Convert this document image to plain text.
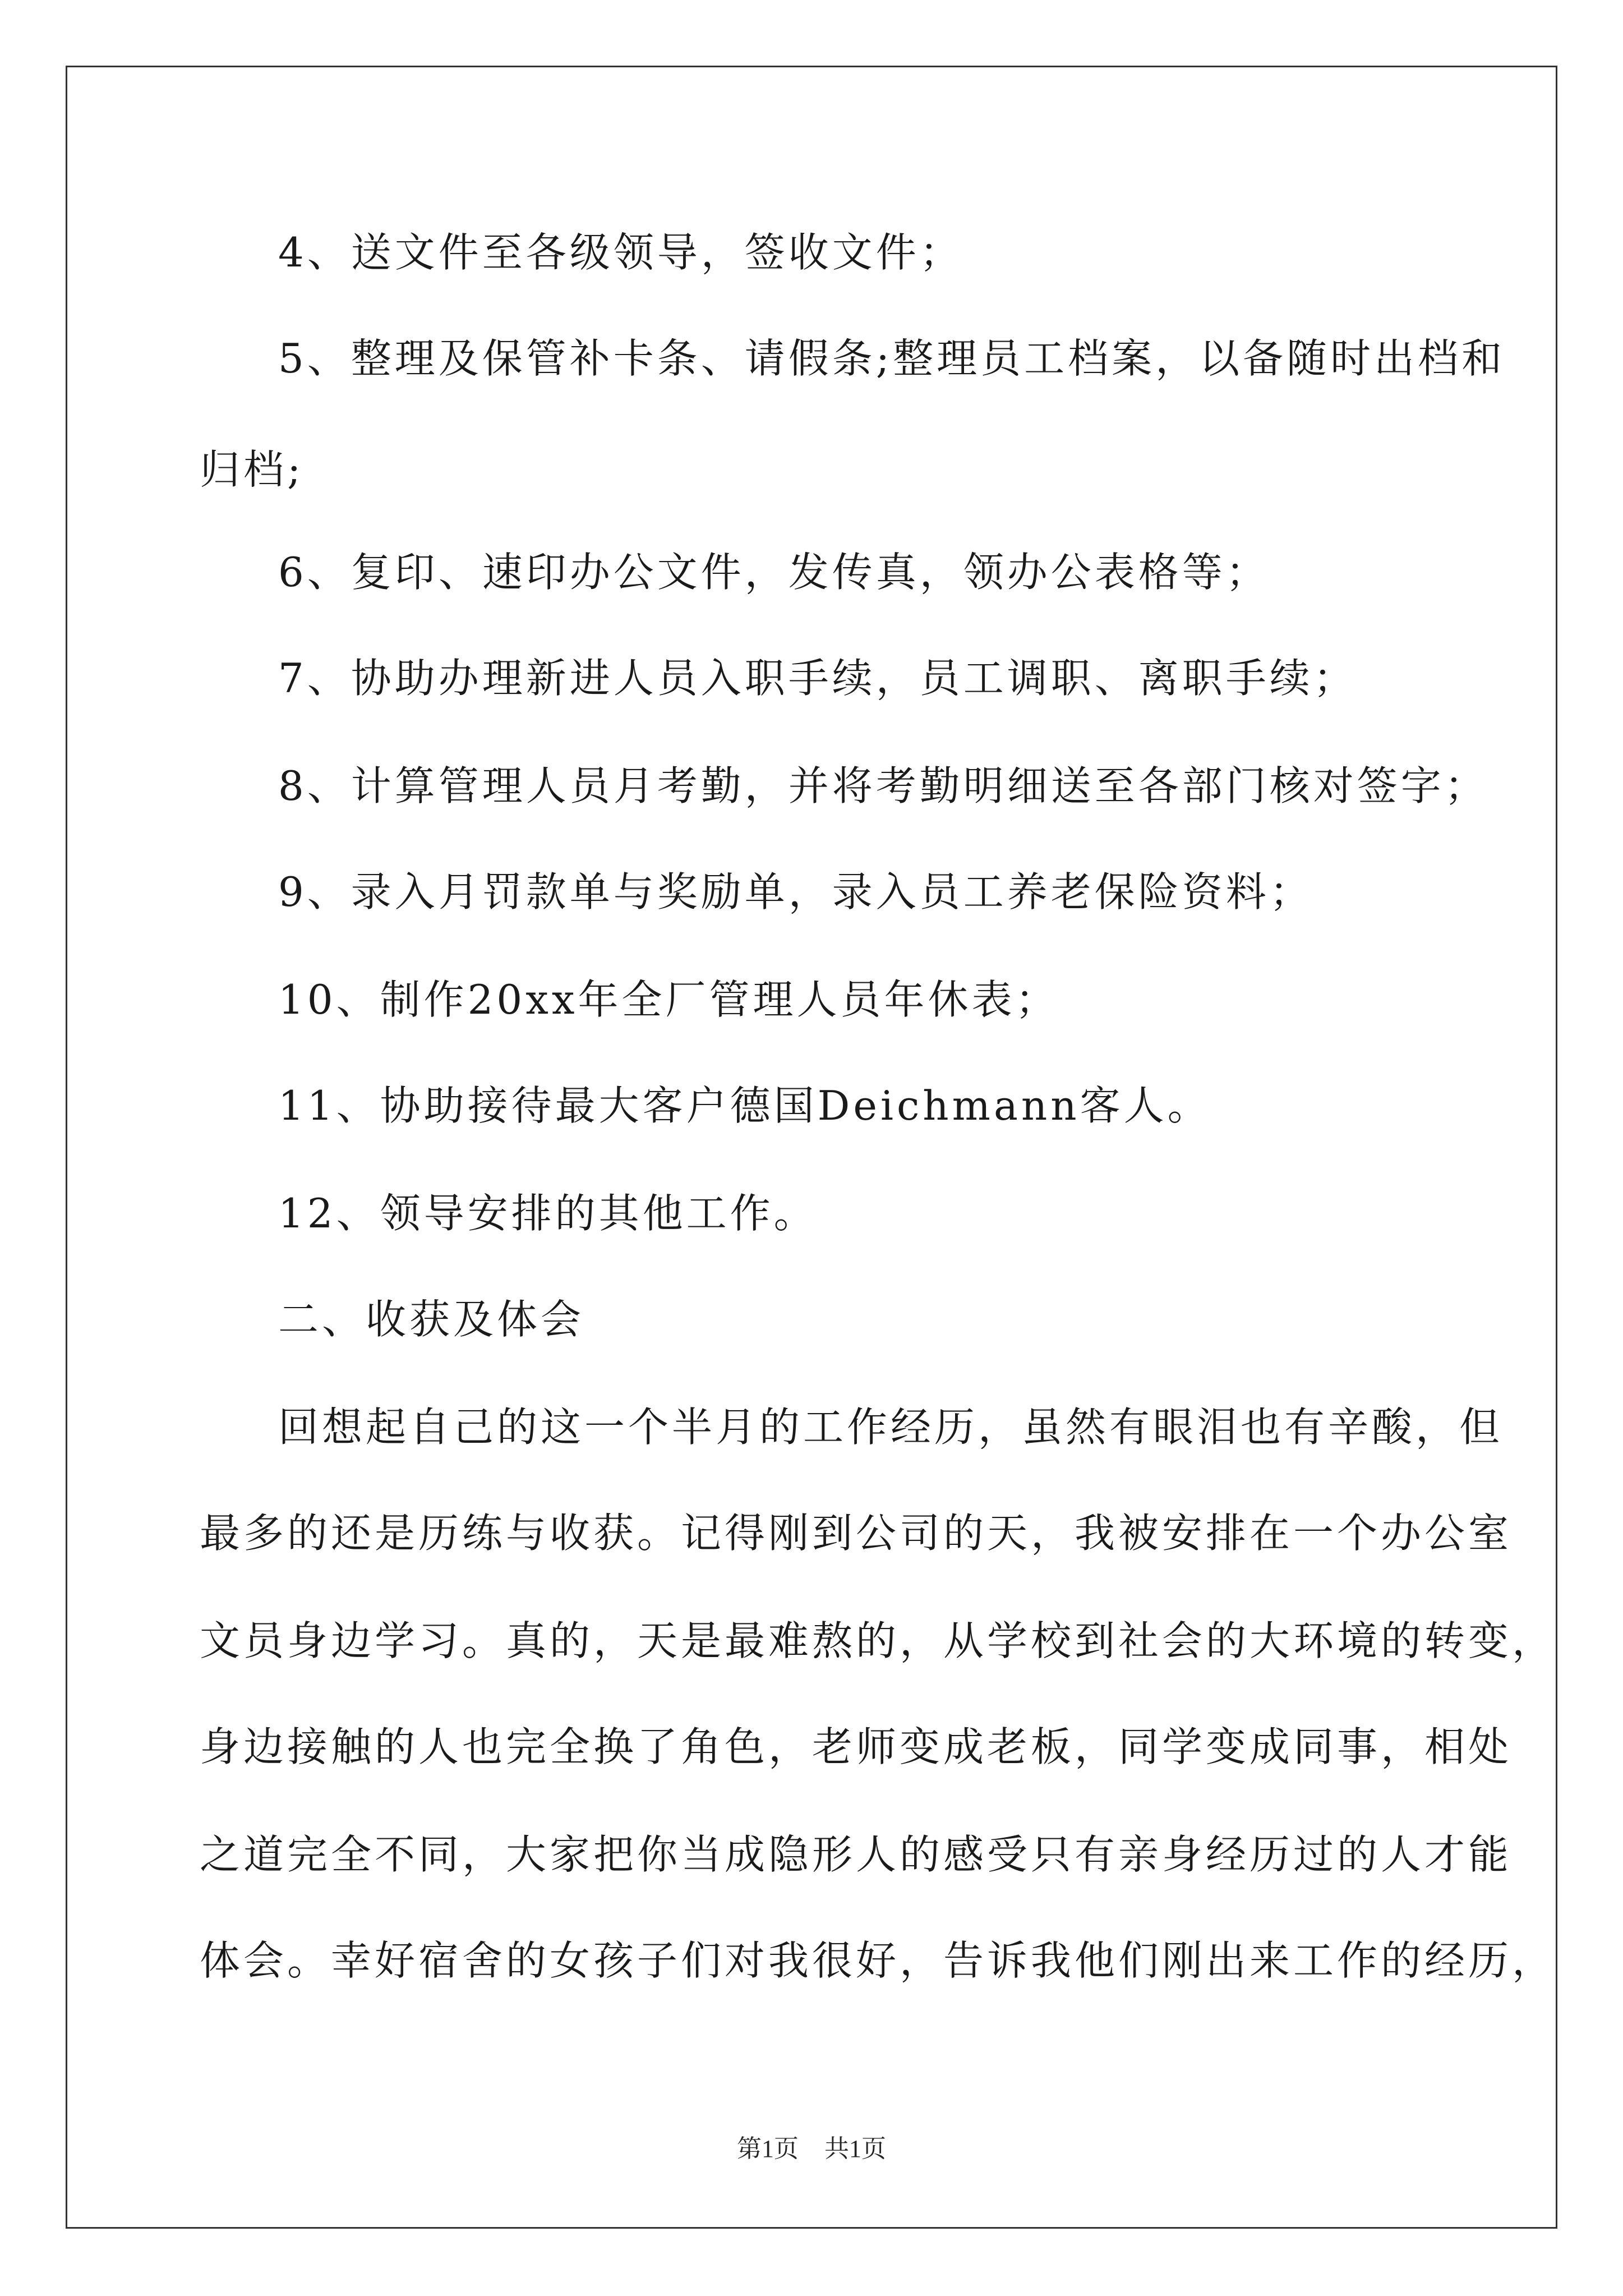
4、送文件至各级领导，签收文件；
5、整理及保管补卡条、请假条;整理员工档案，以备随时出档和
归档;
6、复印、速印办公文件，发传真，领办公表格等；
7、协助办理新进人员入职手续，员工调职、离职手续；
8、计算管理人员月考勤，并将考勤明细送至各部门核对签字；
9、录入月罚款单与奖励单，录入员工养老保险资料；
10、制作20xx年全厂管理人员年休表；
11、协助接待最大客户德国Deichmann客人。
12、领导安排的其他工作。
二、收获及体会
回想起自己的这一个半月的工作经历，虽然有眼泪也有辛酸，但
最多的还是历练与收获。记得刚到公司的天，我被安排在一个办公室
文员身边学习。真的，天是最难熬的，从学校到社会的大环境的转变，
身边接触的人也完全换了角色，老师变成老板，同学变成同事，相处
之道完全不同，大家把你当成隐形人的感受只有亲身经历过的人才能
体会。幸好宿舍的女孩子们对我很好，告诉我他们刚出来工作的经历，
第1页 共1页
